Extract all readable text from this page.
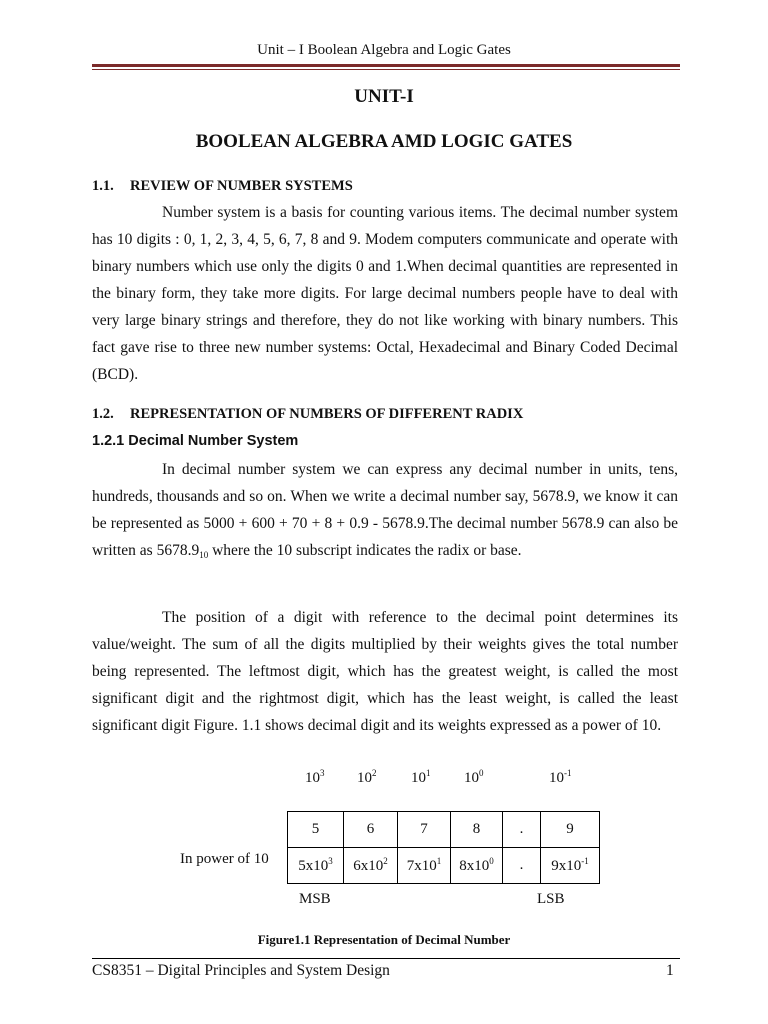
Unit – I Boolean Algebra and Logic Gates
UNIT-I
BOOLEAN ALGEBRA AMD LOGIC GATES
1.1. REVIEW OF NUMBER SYSTEMS
Number system is a basis for counting various items. The decimal number system has 10 digits : 0, 1, 2, 3, 4, 5, 6, 7, 8 and 9. Modem computers communicate and operate with binary numbers which use only the digits 0 and 1.When decimal quantities are represented in the binary form, they take more digits. For large decimal numbers people have to deal with very large binary strings and therefore, they do not like working with binary numbers. This fact gave rise to three new number systems: Octal, Hexadecimal and Binary Coded Decimal (BCD).
1.2. REPRESENTATION OF NUMBERS OF DIFFERENT RADIX
1.2.1 Decimal Number System
In decimal number system we can express any decimal number in units, tens, hundreds, thousands and so on. When we write a decimal number say, 5678.9, we know it can be represented as 5000 + 600 + 70 + 8 + 0.9 - 5678.9.The decimal number 5678.9 can also be written as $5678.9_{10}$ where the 10 subscript indicates the radix or base.
The position of a digit with reference to the decimal point determines its value/weight. The sum of all the digits multiplied by their weights gives the total number being represented. The leftmost digit, which has the greatest weight, is called the most significant digit and the rightmost digit, which has the least weight, is called the least significant digit Figure. 1.1 shows decimal digit and its weights expressed as a power of 10.
$10^3$ $10^2$ $10^1$ $10^0$	$10^{-1}$
5	6	7	8	.	9
$5x10^3$	$6x10^2$	$7x10^1$	$8x10^0$	.	$9x10^{-1}$
In power of 10
MSB	LSB
Figure1.1 Representation of Decimal Number
CS8351 – Digital Principles and System Design	1
